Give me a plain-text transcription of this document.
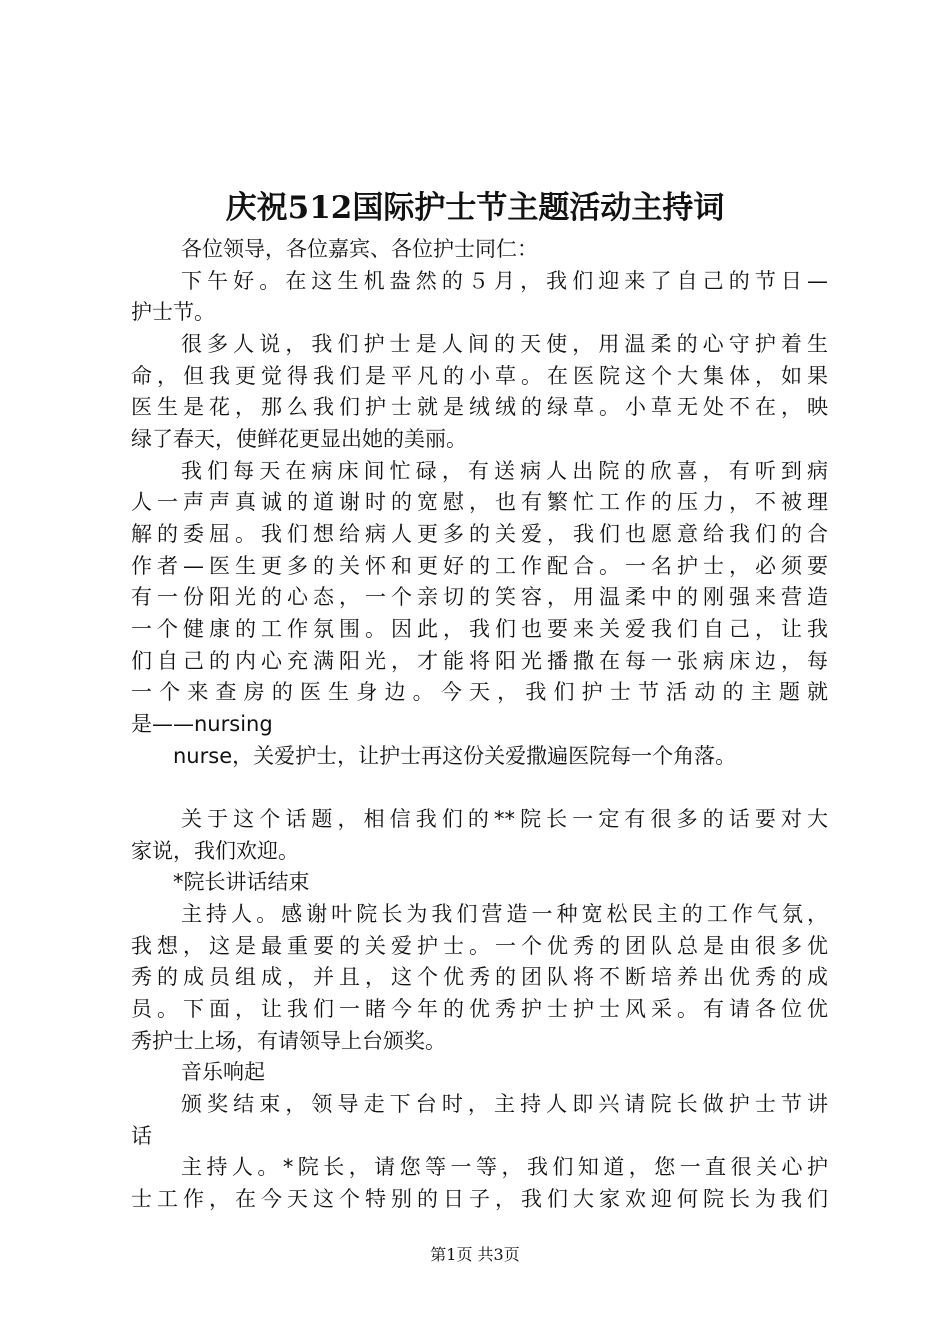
庆祝512国际护士节主题活动主持词

各位领导，各位嘉宾、各位护士同仁：

下午好。在这生机盎然的５月，我们迎来了自己的节日—

护士节。

很多人说，我们护士是人间的天使，用温柔的心守护着生

命，但我更觉得我们是平凡的小草。在医院这个大集体，如果

医生是花，那么我们护士就是绒绒的绿草。小草无处不在，映

绿了春天，使鲜花更显出她的美丽。

我们每天在病床间忙碌，有送病人出院的欣喜，有听到病

人一声声真诚的道谢时的宽慰，也有繁忙工作的压力，不被理

解的委屈。我们想给病人更多的关爱，我们也愿意给我们的合

作者—医生更多的关怀和更好的工作配合。一名护士，必须要

有一份阳光的心态，一个亲切的笑容，用温柔中的刚强来营造

一个健康的工作氛围。因此，我们也要来关爱我们自己，让我

们自己的内心充满阳光，才能将阳光播撒在每一张病床边，每

一个来查房的医生身边。今天，我们护士节活动的主题就

是——nursing

nurse，关爱护士，让护士再这份关爱撒遍医院每一个角落。

关于这个话题，相信我们的**院长一定有很多的话要对大

家说，我们欢迎。

*院长讲话结束

主持人。感谢叶院长为我们营造一种宽松民主的工作气氛，

我想，这是最重要的关爱护士。一个优秀的团队总是由很多优

秀的成员组成，并且，这个优秀的团队将不断培养出优秀的成

员。下面，让我们一睹今年的优秀护士护士风采。有请各位优

秀护士上场，有请领导上台颁奖。

音乐响起

颁奖结束，领导走下台时，主持人即兴请院长做护士节讲

话

主持人。*院长，请您等一等，我们知道，您一直很关心护

士工作，在今天这个特别的日子，我们大家欢迎何院长为我们

第1页 共3页
